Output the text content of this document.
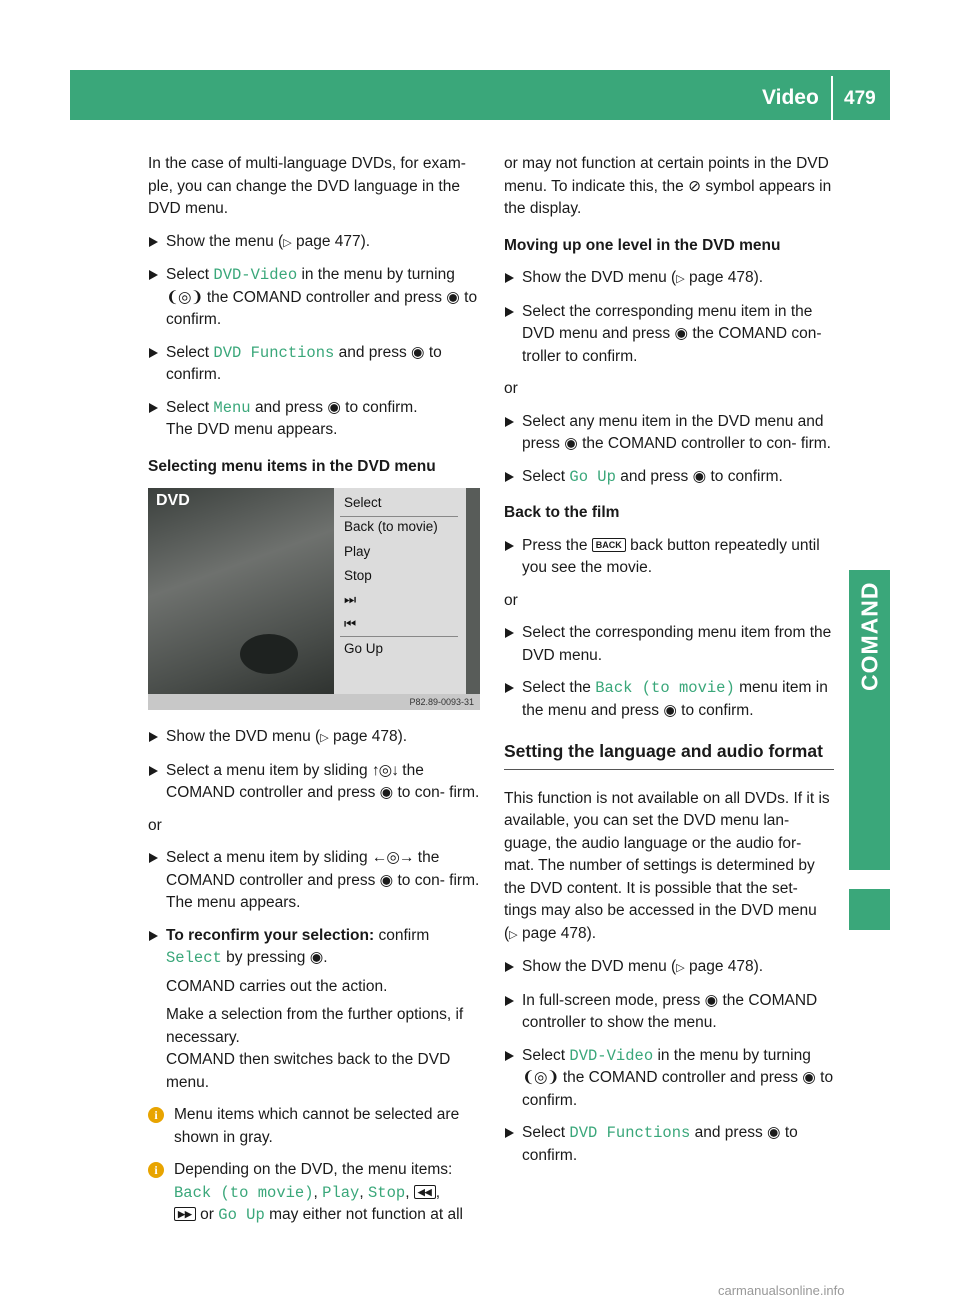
Video 479
COMAND

In the case of multi-language DVDs, for exam- ple, you can change the DVD language in the DVD menu.

Show the menu (▷ page 477).
Select DVD-Video in the menu by turning ❨◎❩ the COMAND controller and press ◉ to confirm.
Select DVD Functions and press ◉ to confirm.
Select Menu and press ◉ to confirm.
The DVD menu appears.

Selecting menu items in the DVD menu

DVD	Select
Back (to movie)
Play
Stop
⏭
⏮
Go Up
P82.89-0093-31
Show the DVD menu (▷ page 478).
Select a menu item by sliding ↑◎↓ the COMAND controller and press ◉ to con- firm.

or

Select a menu item by sliding ←◎→ the COMAND controller and press ◉ to con- firm.
The menu appears.
To reconfirm your selection: confirm
Select by pressing ◉.

COMAND carries out the action.

Make a selection from the further options, if necessary.

COMAND then switches back to the DVD menu.

i	Menu items which cannot be selected are shown in gray.
i	Depending on the DVD, the menu items:
Back (to movie), Play, Stop, ◀◀ ,
▶▶ or Go Up may either not function at all

or may not function at certain points in the DVD menu. To indicate this, the ⊘ symbol appears in the display.

Moving up one level in the DVD menu

Show the DVD menu (▷ page 478).
Select the corresponding menu item in the DVD menu and press ◉ the COMAND con- troller to confirm.

or

Select any menu item in the DVD menu and press ◉ the COMAND controller to con- firm.
Select Go Up and press ◉ to confirm.

Back to the film

Press the BACK back button repeatedly until you see the movie.

or

Select the corresponding menu item from the DVD menu.
Select the Back (to movie) menu item in the menu and press ◉ to confirm.

Setting the language and audio format

This function is not available on all DVDs. If it is available, you can set the DVD menu lan- guage, the audio language or the audio for- mat. The number of settings is determined by the DVD content. It is possible that the set- tings may also be accessed in the DVD menu (▷ page 478).

Show the DVD menu (▷ page 478).
In full-screen mode, press ◉ the COMAND controller to show the menu.
Select DVD-Video in the menu by turning ❨◎❩ the COMAND controller and press ◉ to confirm.
Select DVD Functions and press ◉ to confirm.
carmanualsonline.info
